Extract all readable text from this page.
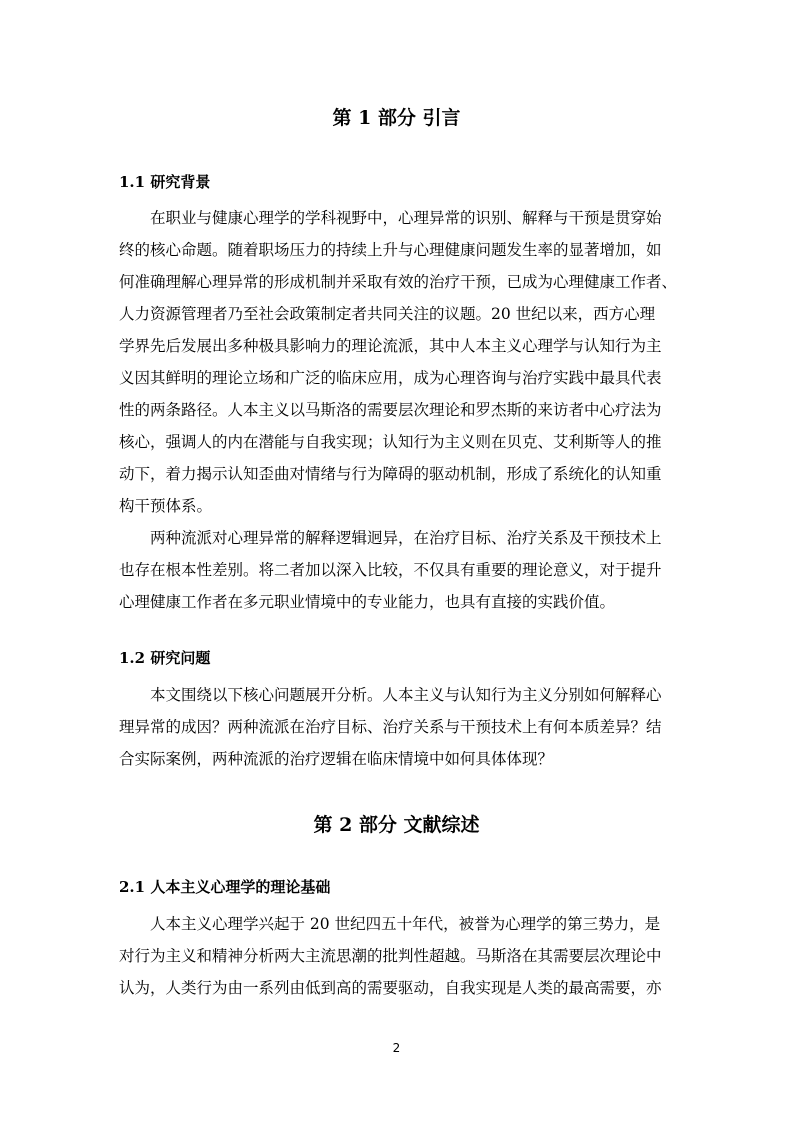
第 1 部分 引言
1.1 研究背景

在职业与健康心理学的学科视野中，心理异常的识别、解释与干预是贯穿始

终的核心命题。随着职场压力的持续上升与心理健康问题发生率的显著增加，如

何准确理解心理异常的形成机制并采取有效的治疗干预，已成为心理健康工作者、

人力资源管理者乃至社会政策制定者共同关注的议题。20 世纪以来，西方心理

学界先后发展出多种极具影响力的理论流派，其中人本主义心理学与认知行为主

义因其鲜明的理论立场和广泛的临床应用，成为心理咨询与治疗实践中最具代表

性的两条路径。人本主义以马斯洛的需要层次理论和罗杰斯的来访者中心疗法为

核心，强调人的内在潜能与自我实现；认知行为主义则在贝克、艾利斯等人的推

动下，着力揭示认知歪曲对情绪与行为障碍的驱动机制，形成了系统化的认知重

构干预体系。

两种流派对心理异常的解释逻辑迥异，在治疗目标、治疗关系及干预技术上

也存在根本性差别。将二者加以深入比较，不仅具有重要的理论意义，对于提升

心理健康工作者在多元职业情境中的专业能力，也具有直接的实践价值。

1.2 研究问题

本文围绕以下核心问题展开分析。人本主义与认知行为主义分别如何解释心

理异常的成因？两种流派在治疗目标、治疗关系与干预技术上有何本质差异？结

合实际案例，两种流派的治疗逻辑在临床情境中如何具体体现？

第 2 部分 文献综述
2.1 人本主义心理学的理论基础

人本主义心理学兴起于 20 世纪四五十年代，被誉为心理学的第三势力，是

对行为主义和精神分析两大主流思潮的批判性超越。马斯洛在其需要层次理论中

认为，人类行为由一系列由低到高的需要驱动，自我实现是人类的最高需要，亦

2
